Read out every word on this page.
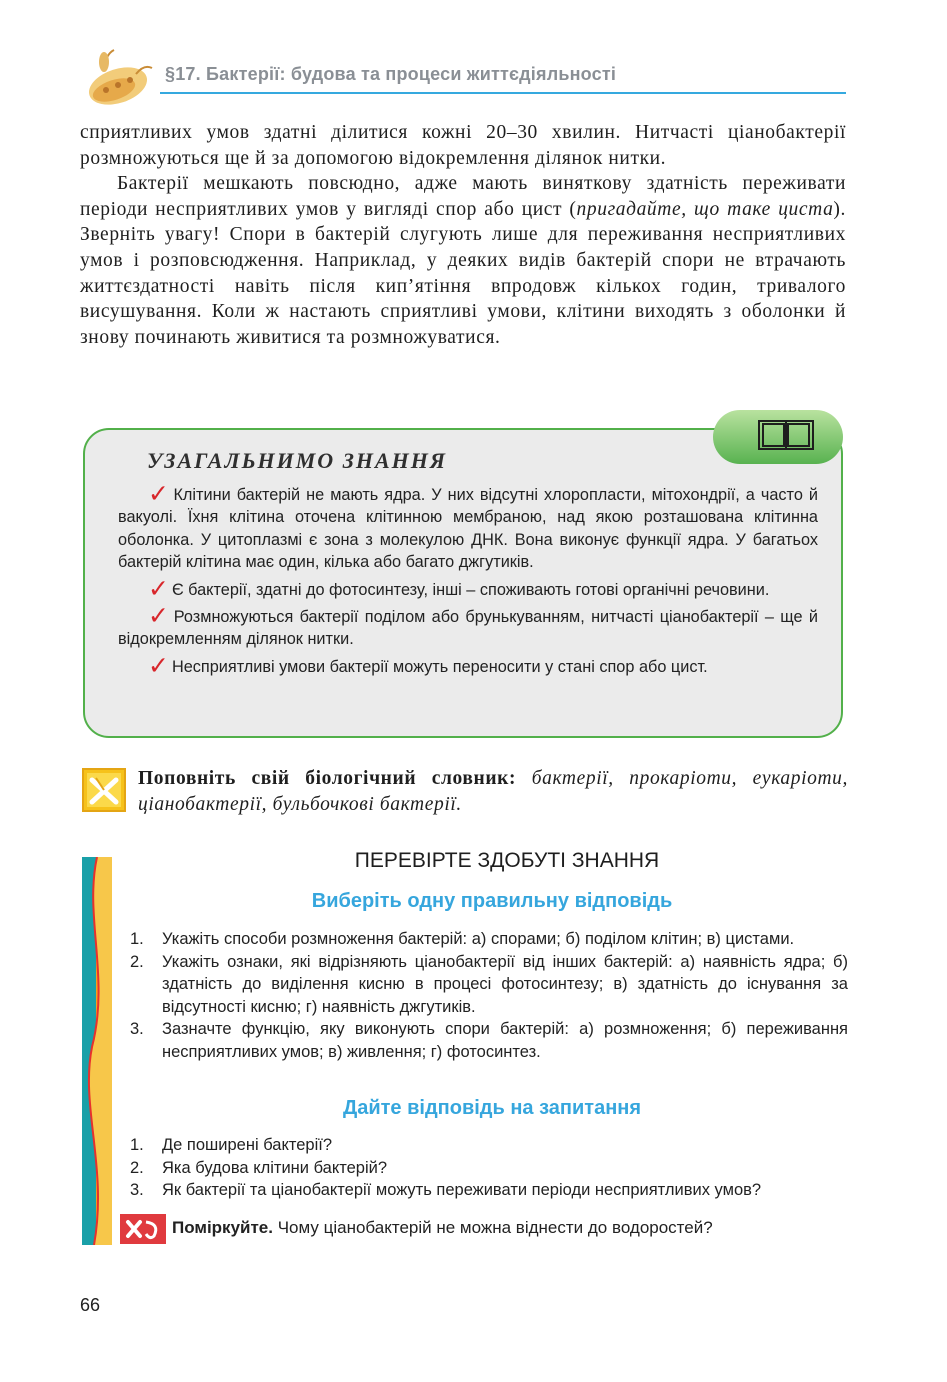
§17. Бактерії: будова та процеси життєдіяльності

сприятливих умов здатні ділитися кожні 20–30 хвилин. Нитчасті ціанобактерії розмножуються ще й за допомогою відокремлення ділянок нитки.

Бактерії мешкають повсюдно, адже мають виняткову здатність переживати періоди несприятливих умов у вигляді спор або цист (пригадайте, що таке циста). Зверніть увагу! Спори в бактерій слугують лише для переживання несприятливих умов і розповсюдження. Наприклад, у деяких видів бактерій спори не втрачають життєздатності навіть після кип’ятіння впродовж кількох годин, тривалого висушування. Коли ж настають сприятливі умови, клітини виходять з оболонки й знову починають живитися та розмножуватися.

УЗАГАЛЬНИМО ЗНАННЯ

✓ Клітини бактерій не мають ядра. У них відсутні хлоропласти, мітохондрії, а часто й вакуолі. Їхня клітина оточена клітинною мембраною, над якою розташована клітинна оболонка. У цитоплазмі є зона з молекулою ДНК. Вона виконує функції ядра. У багатьох бактерій клітина має один, кілька або багато джгутиків.

✓ Є бактерії, здатні до фотосинтезу, інші – споживають готові органічні речовини.

✓ Розмножуються бактерії поділом або брунькуванням, нитчасті ціанобактерії – ще й відокремленням ділянок нитки.

✓ Несприятливі умови бактерії можуть переносити у стані спор або цист.

Поповніть свій біологічний словник: бактерії, прокаріоти, еукаріоти, ціанобактерії, бульбочкові бактерії.
ПЕРЕВІРТЕ ЗДОБУТІ ЗНАННЯ
Виберіть одну правильну відповідь
1. Укажіть способи розмноження бактерій: а) спорами; б) поділом клітин; в) цистами.
2. Укажіть ознаки, які відрізняють ціанобактерії від інших бактерій: а) наявність ядра; б) здатність до виділення кисню в процесі фотосинтезу; в) здатність до існування за відсутності кисню; г) наявність джгутиків.
3. Зазначте функцію, яку виконують спори бактерій: а) розмноження; б) переживання несприятливих умов; в) живлення; г) фотосинтез.
Дайте відповідь на запитання
1. Де поширені бактерії?
2. Яка будова клітини бактерій?
3. Як бактерії та ціанобактерії можуть переживати періоди несприятливих умов?
Поміркуйте. Чому ціанобактерій не можна віднести до водоростей?
66
